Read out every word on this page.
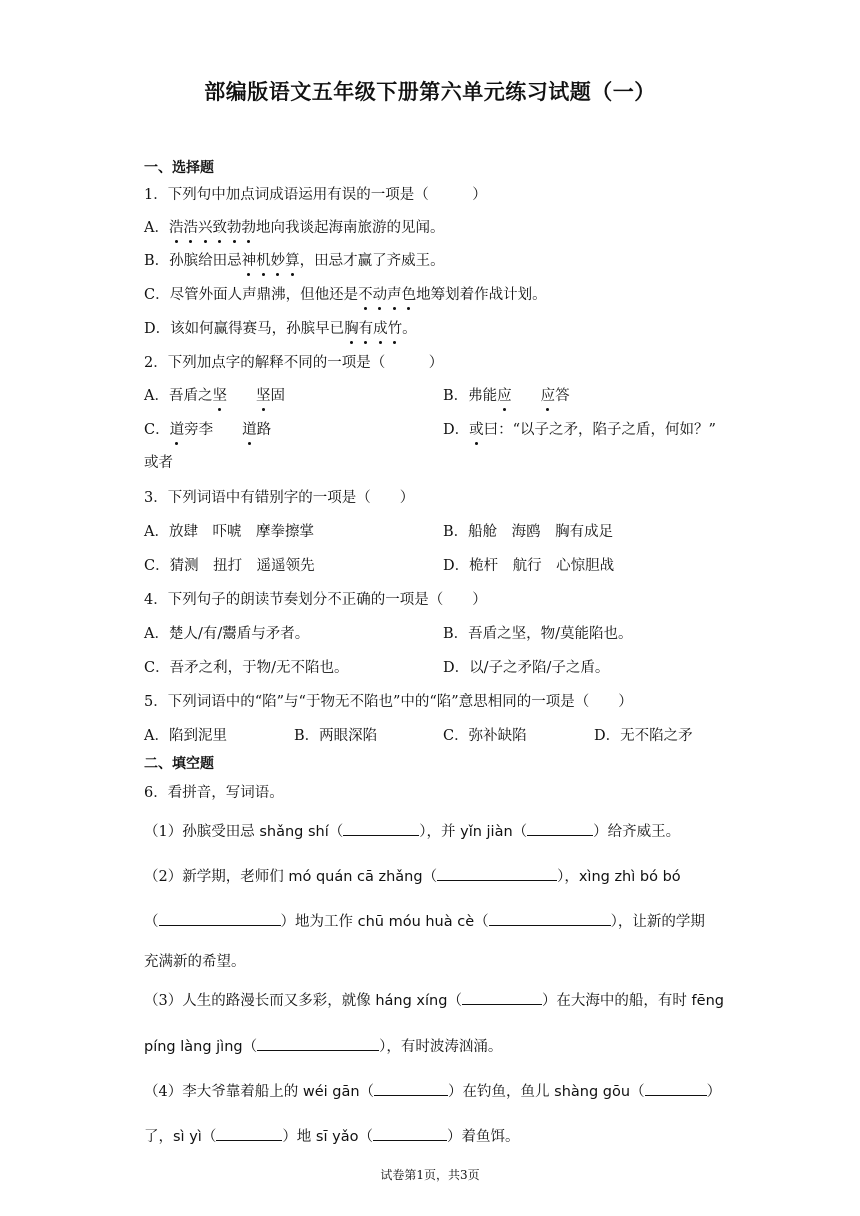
部编版语文五年级下册第六单元练习试题（一）
一、选择题
1．下列句中加点词成语运用有误的一项是（　　　）
A．浩浩兴致勃勃地向我谈起海南旅游的见闻。
B．孙膑给田忌神机妙算，田忌才赢了齐威王。
C．尽管外面人声鼎沸，但他还是不动声色地筹划着作战计划。
D．该如何赢得赛马，孙膑早已胸有成竹。
2．下列加点字的解释不同的一项是（　　　）
A．吾盾之坚　　 坚固	B．弗能应　　 应答
C．道旁李　　道路	D．或曰：“以子之矛，陷子之盾，何如？”
或者
3．下列词语中有错别字的一项是（　　）
A．放肆　吓唬　摩拳擦掌	B．船舱　海鸥　胸有成足
C．猜测　扭打　遥遥领先	D．桅杆　航行　心惊胆战
4．下列句子的朗读节奏划分不正确的一项是（　　）
A．楚人/有/鬻盾与矛者。	B．吾盾之坚，物/莫能陷也。
C．吾矛之利，于物/无不陷也。	D．以/子之矛陷/子之盾。
5．下列词语中的“陷”与“于物无不陷也”中的“陷”意思相同的一项是（　　）
A．陷到泥里	B．两眼深陷	C．弥补缺陷	D．无不陷之矛
二、填空题
6．看拼音，写词语。
（1）孙膑受田忌 shǎng shí（	），并 yǐn jiàn（	）给齐威王。
（2）新学期，老师们 mó quán cā zhǎng（	），xìng zhì bó bó
（	）地为工作 chū móu huà cè（	），让新的学期
充满新的希望。
（3）人生的路漫长而又多彩，就像 háng xíng（	）在大海中的船，有时 fēng
píng làng jìng（	），有时波涛汹涌。
（4）李大爷靠着船上的 wéi gān（	）在钓鱼，鱼儿 shàng gōu（	）
了，sì yì（	）地 sī yǎo（	）着鱼饵。
试卷第1页，共3页
